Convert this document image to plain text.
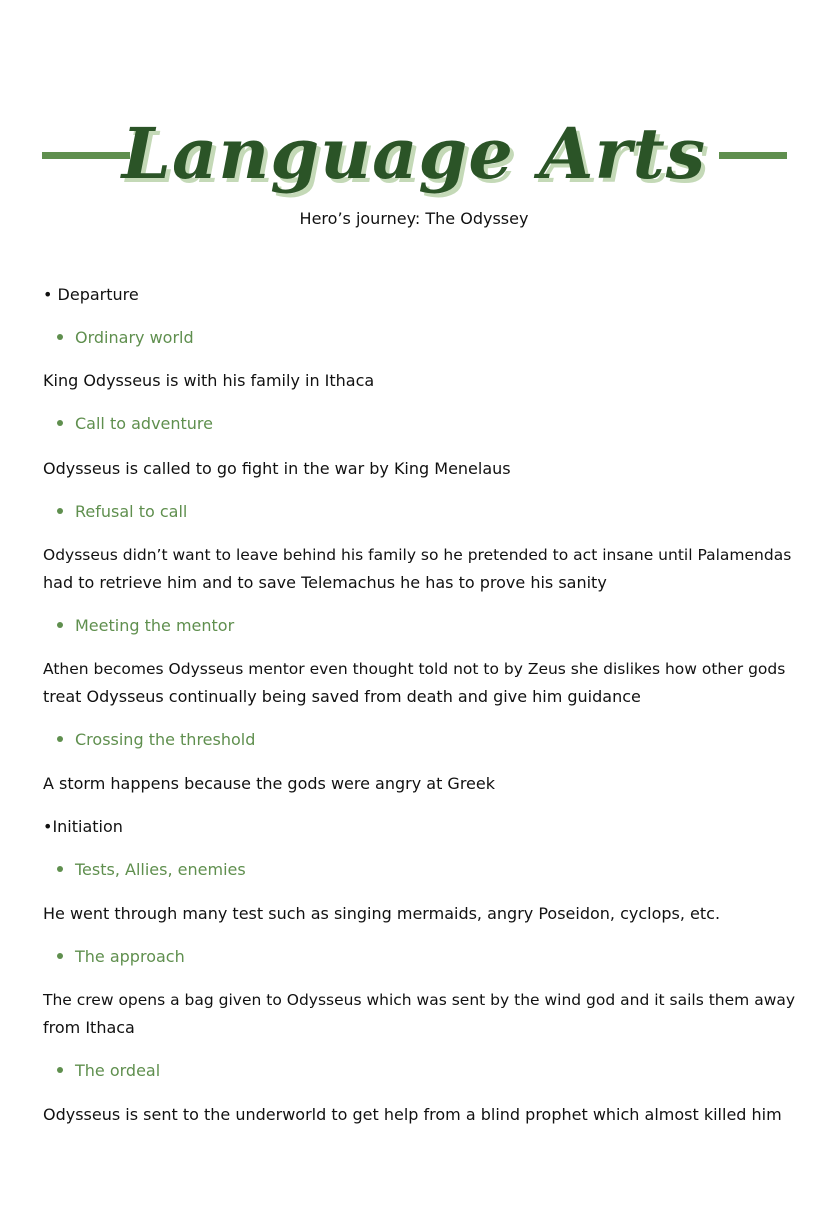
Language Arts
Hero’s journey: The Odyssey
• Departure
Ordinary world
King Odysseus is with his family in Ithaca
Call to adventure
Odysseus is called to go fight in the war by King Menelaus
Refusal to call
Odysseus didn’t want to leave behind his family so he pretended to act insane until Palamendas
had to retrieve him and to save Telemachus he has to prove his sanity
Meeting the mentor
Athen becomes Odysseus mentor even thought told not to by Zeus she dislikes how other gods
treat Odysseus continually being saved from death and give him guidance
Crossing the threshold
A storm happens because the gods were angry at Greek
•Initiation
Tests, Allies, enemies
He went through many test such as singing mermaids, angry Poseidon, cyclops, etc.
The approach
The crew opens a bag given to Odysseus which was sent by the wind god and it sails them away
from Ithaca
The ordeal
Odysseus is sent to the underworld to get help from a blind prophet which almost killed him
